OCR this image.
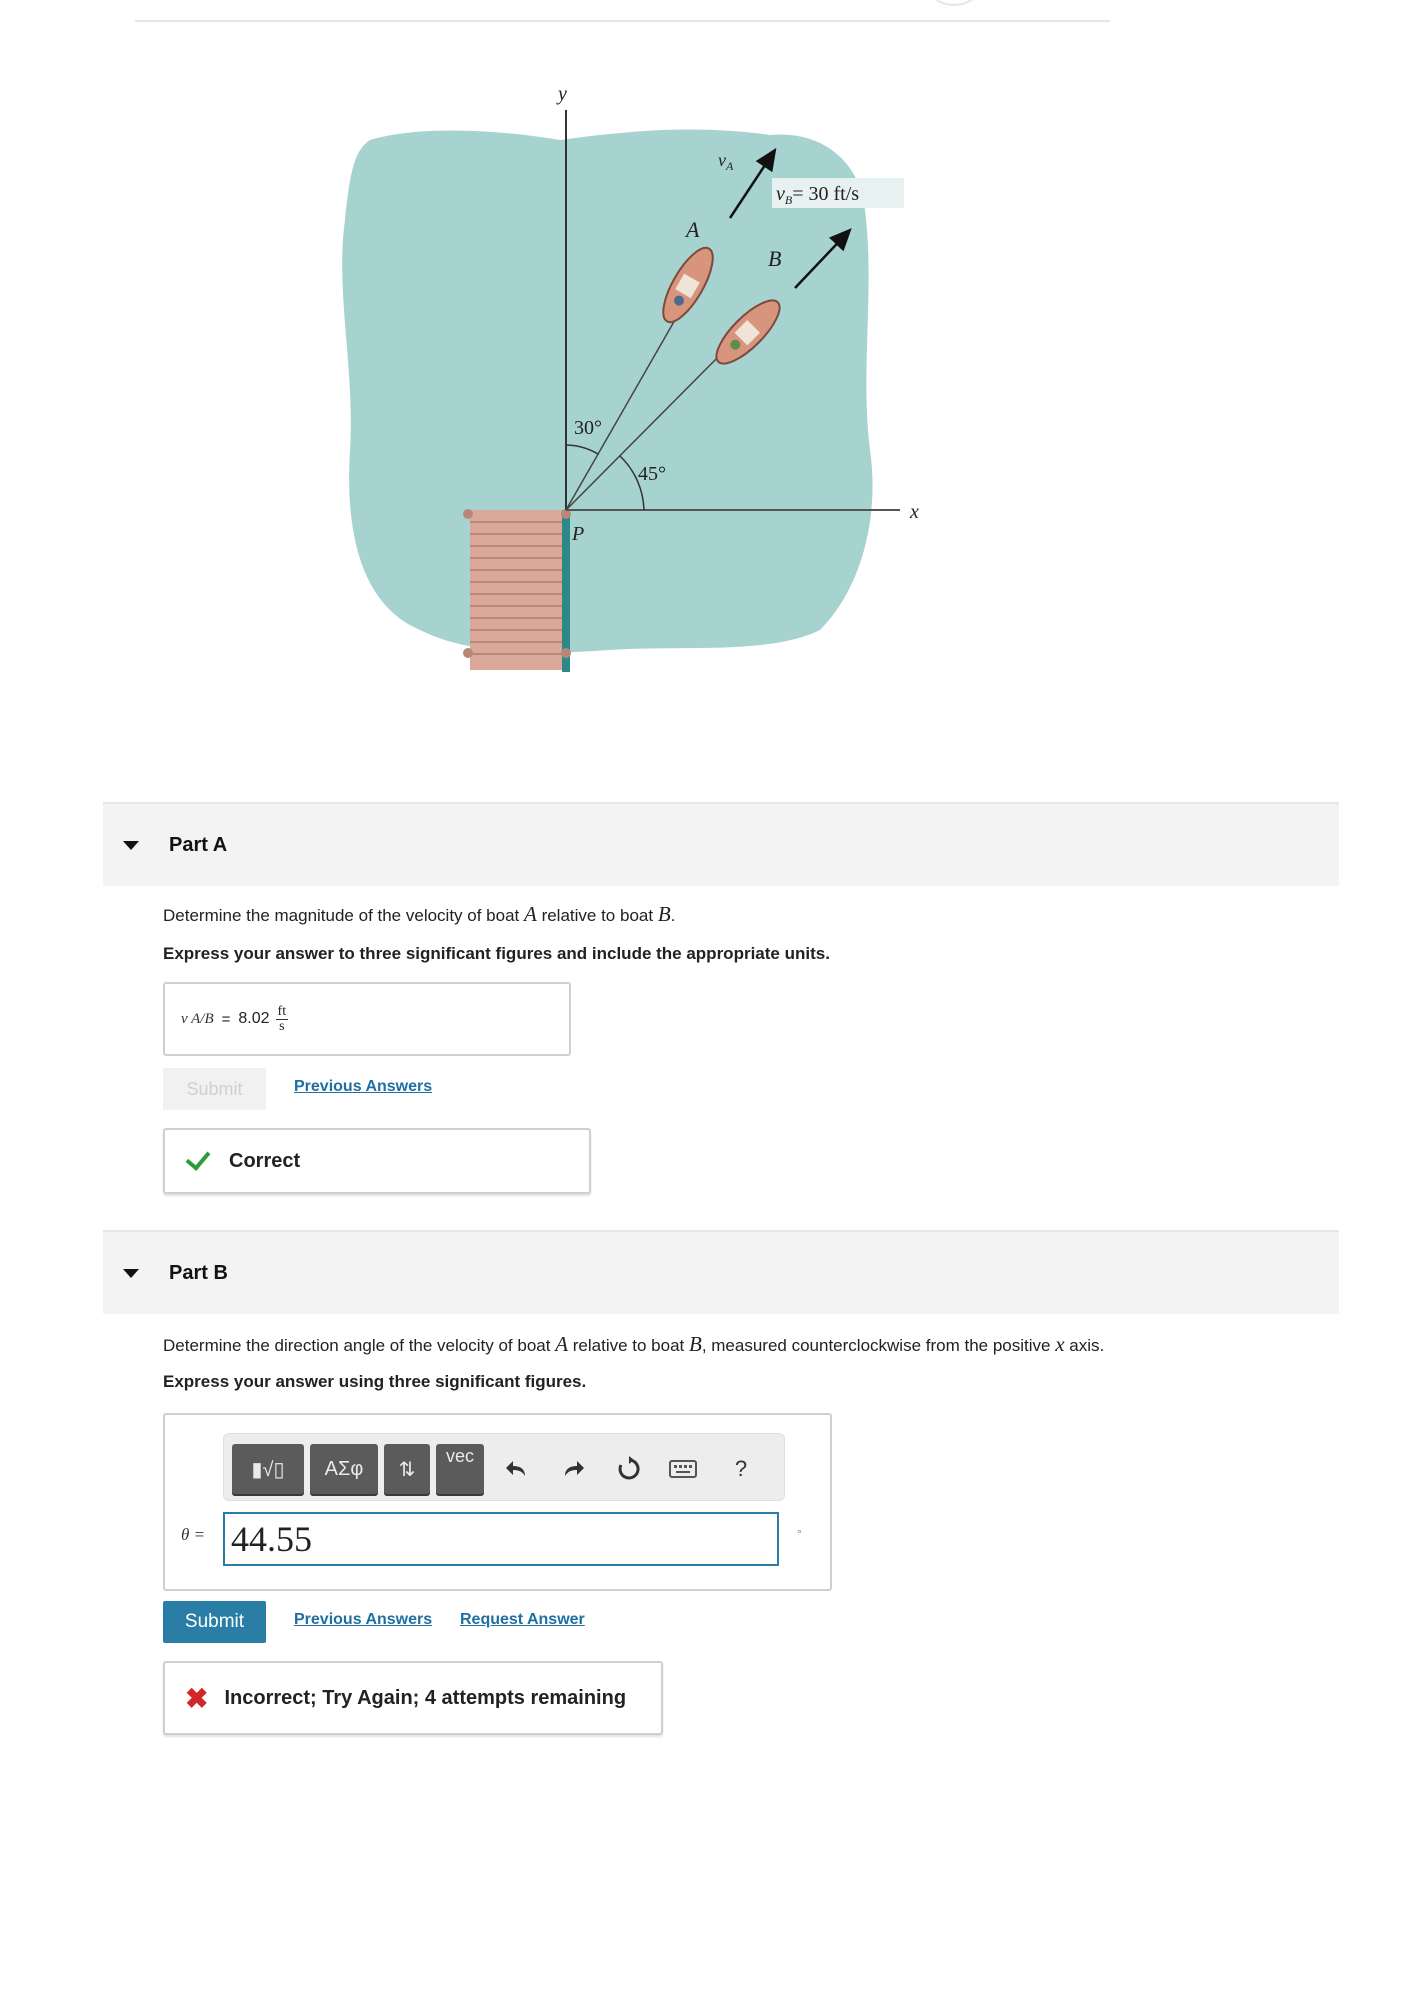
y
x
P
30°
45°
A
B
$v_A$
$v_B= 30$ ft/s
Part A
Determine the magnitude of the velocity of boat A relative to boat B.
Express your answer to three significant figures and include the appropriate units.
v $A/B = 8.02 \frac{ft}{s}$
Submit	Previous Answers
Correct
Part B
Determine the direction angle of the velocity of boat A relative to boat B, measured counterclockwise from the positive x axis.
Express your answer using three significant figures.
▮√▯	ΑΣφ	⇅
vec	?
θ = 44.55	°
Submit	Previous Answers Request Answer
✖ Incorrect; Try Again; 4 attempts remaining
